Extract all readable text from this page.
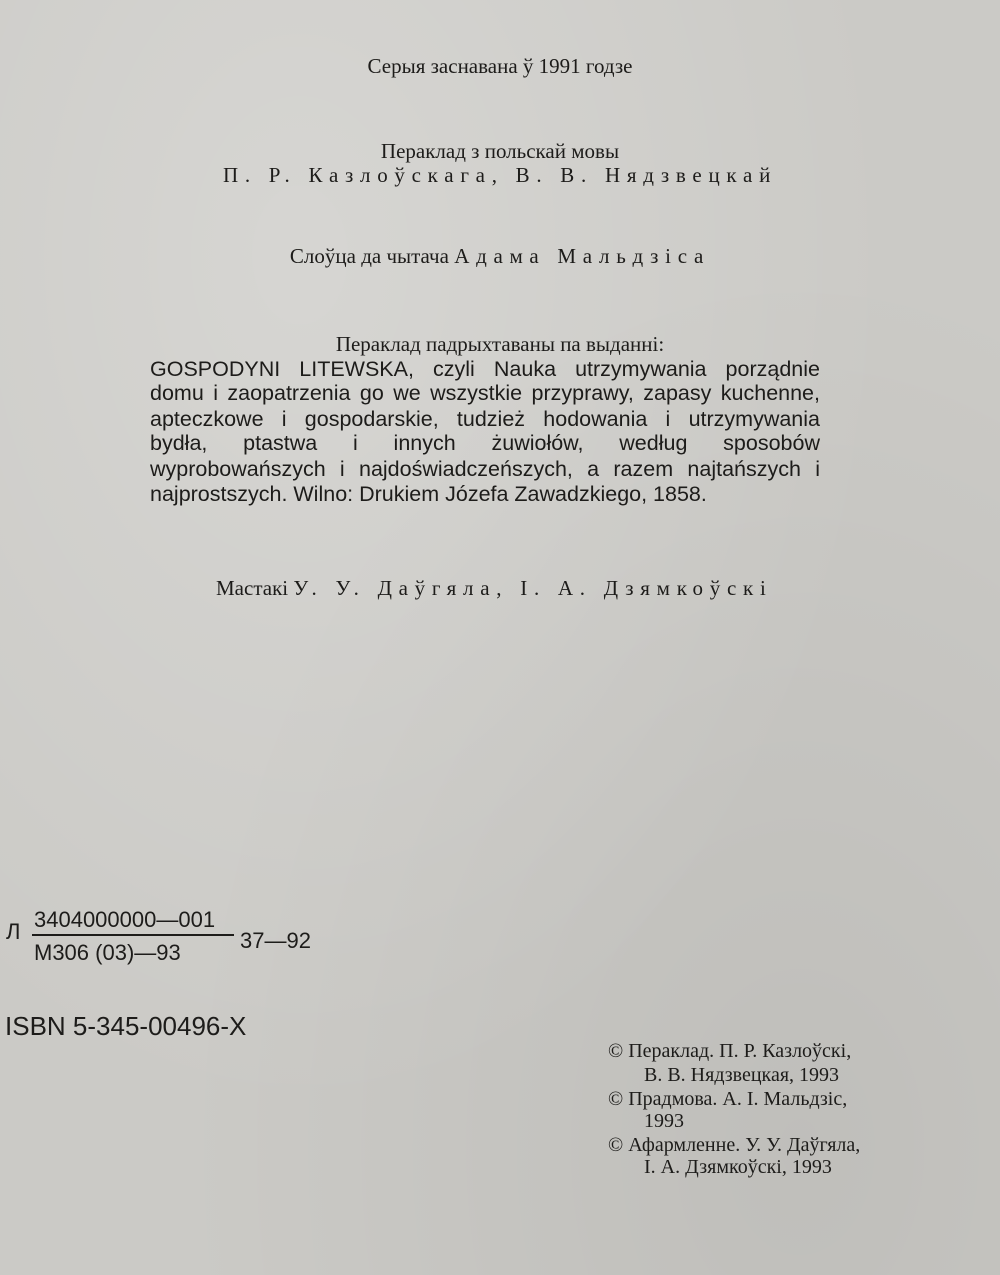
Серыя заснавана ў 1991 годзе
Пераклад з польскай мовы
П. Р. Казлоўскага, В. В. Нядзвецкай
Слоўца да чытача Адама Мальдзіса
Пераклад падрыхтаваны па выданні:
GOSPODYNI LITEWSKA, czyli Nauka utrzymywania porządnie
domu i zaopatrzenia go we wszystkie przyprawy, zapasy kuchenne,
apteczkowe i gospodarskie, tudzież hodowania i utrzymywania
bydła, ptastwa i innych żuwiołów, według sposobów
wyprobowańszych i najdoświadczeńszych, a razem najtańszych i
najprostszych. Wilno: Drukiem Józefa Zawadzkiego, 1858.
Мастакі У. У. Даўгяла, І. А. Дзямкоўскі
Л 3404000000—001
М306 (03)—93	37—92
ISBN 5-345-00496-X
© Пераклад. П. Р. Казлоўскі,
В. В. Нядзвецкая, 1993
© Прадмова. А. І. Мальдзіс,
1993
© Афармленне. У. У. Даўгяла,
І. А. Дзямкоўскі, 1993
